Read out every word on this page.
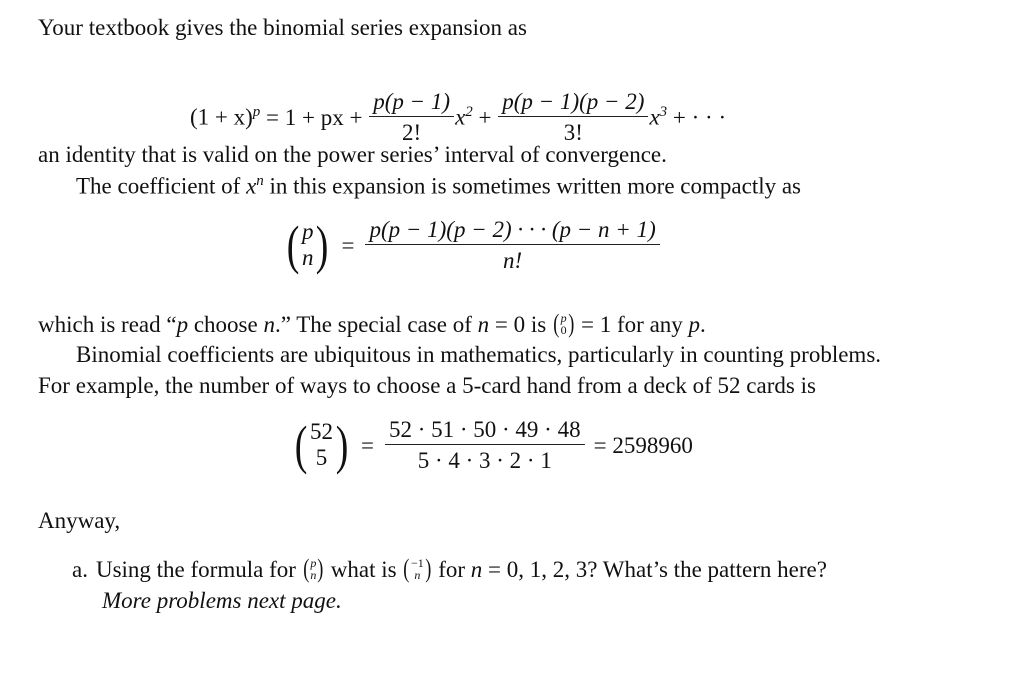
Your textbook gives the binomial series expansion as
$(1 + x)^p = 1$ + px + $\frac{p(p - 1)}{2!} x^2 + \frac{p(p - 1)(p - 2)}{3!} x^3$ + · · ·
an identity that is valid on the power series’ interval of convergence.
The coefficient of $x^n$ in this expansion is sometimes written more compactly as
( p
n ) = $\frac{p(p - 1)(p - 2) \cdot \cdot \cdot (p - n + 1)}{n!}$
which is read “ p choose n .” The special case of n = 0 is ( p
0 ) = 1 for any p .
Binomial coefficients are ubiquitous in mathematics, particularly in counting problems.
For example, the number of ways to choose a 5-card hand from a deck of 52 cards is
( 52
5 ) = $\frac{52 \cdot 51 \cdot 50 \cdot 49 \cdot 48}{5 \cdot 4 \cdot 3 \cdot 2 \cdot 1} = 2598960$
Anyway,
a. Using the formula for ( p
n ) what is ( −1
n ) for n = 0, 1, 2, 3? What’s the pattern here?
More problems next page.
